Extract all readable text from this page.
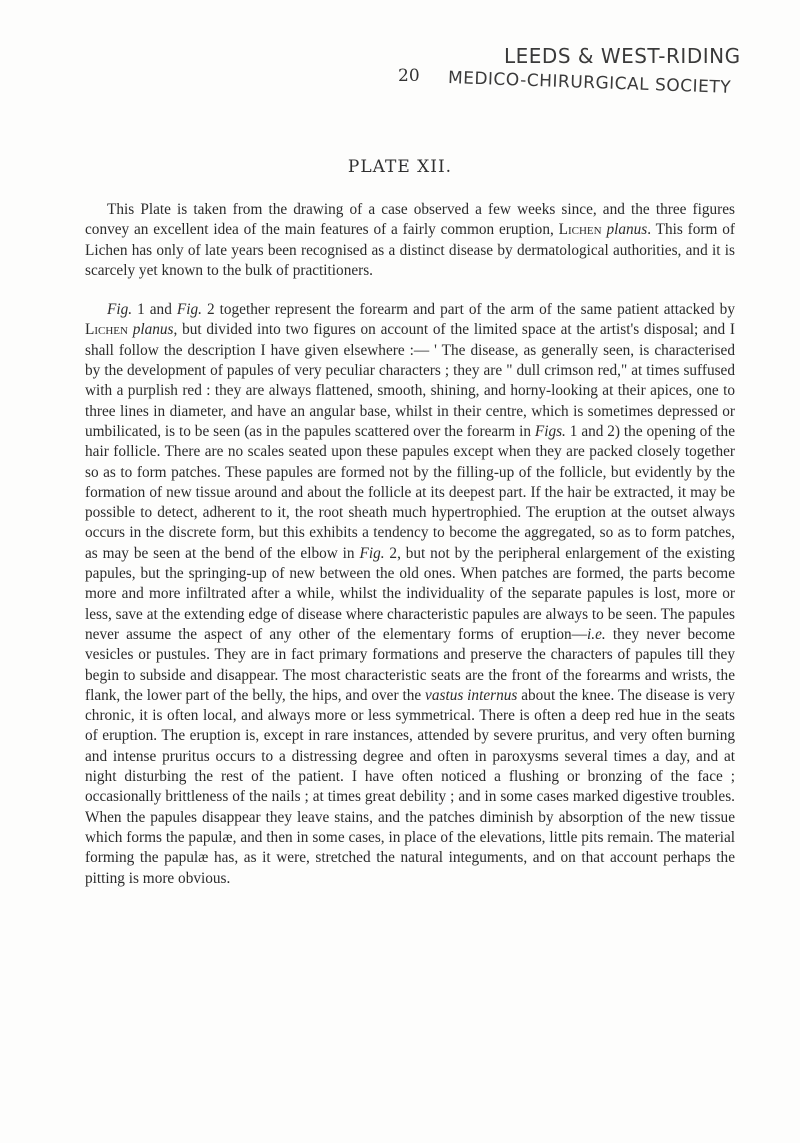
LEEDS & WEST-RIDING
MEDICO-CHIRURGICAL SOCIETY
20
PLATE XII.

This Plate is taken from the drawing of a case observed a few weeks since, and the three figures convey an excellent idea of the main features of a fairly common eruption, Lichen planus. This form of Lichen has only of late years been recognised as a distinct disease by dermatological authorities, and it is scarcely yet known to the bulk of practitioners.

Fig. 1 and Fig. 2 together represent the forearm and part of the arm of the same patient attacked by Lichen planus, but divided into two figures on account of the limited space at the artist's disposal; and I shall follow the description I have given elsewhere :— ' The disease, as generally seen, is characterised by the development of papules of very peculiar characters ; they are " dull crimson red," at times suffused with a purplish red : they are always flattened, smooth, shining, and horny-looking at their apices, one to three lines in diameter, and have an angular base, whilst in their centre, which is sometimes depressed or umbilicated, is to be seen (as in the papules scattered over the forearm in Figs. 1 and 2) the opening of the hair follicle. There are no scales seated upon these papules except when they are packed closely together so as to form patches. These papules are formed not by the filling-up of the follicle, but evidently by the formation of new tissue around and about the follicle at its deepest part. If the hair be extracted, it may be possible to detect, adherent to it, the root sheath much hypertrophied. The eruption at the outset always occurs in the discrete form, but this exhibits a tendency to become the aggregated, so as to form patches, as may be seen at the bend of the elbow in Fig. 2, but not by the peripheral enlargement of the existing papules, but the springing-up of new between the old ones. When patches are formed, the parts become more and more infiltrated after a while, whilst the individuality of the separate papules is lost, more or less, save at the extending edge of disease where characteristic papules are always to be seen. The papules never assume the aspect of any other of the elementary forms of eruption—i.e. they never become vesicles or pustules. They are in fact primary formations and preserve the characters of papules till they begin to subside and disappear. The most characteristic seats are the front of the forearms and wrists, the flank, the lower part of the belly, the hips, and over the vastus internus about the knee. The disease is very chronic, it is often local, and always more or less symmetrical. There is often a deep red hue in the seats of eruption. The eruption is, except in rare instances, attended by severe pruritus, and very often burning and intense pruritus occurs to a distressing degree and often in paroxysms several times a day, and at night disturbing the rest of the patient. I have often noticed a flushing or bronzing of the face ; occasionally brittleness of the nails ; at times great debility ; and in some cases marked digestive troubles. When the papules disappear they leave stains, and the patches diminish by absorption of the new tissue which forms the papulæ, and then in some cases, in place of the elevations, little pits remain. The material forming the papulæ has, as it were, stretched the natural integuments, and on that account perhaps the pitting is more obvious.
